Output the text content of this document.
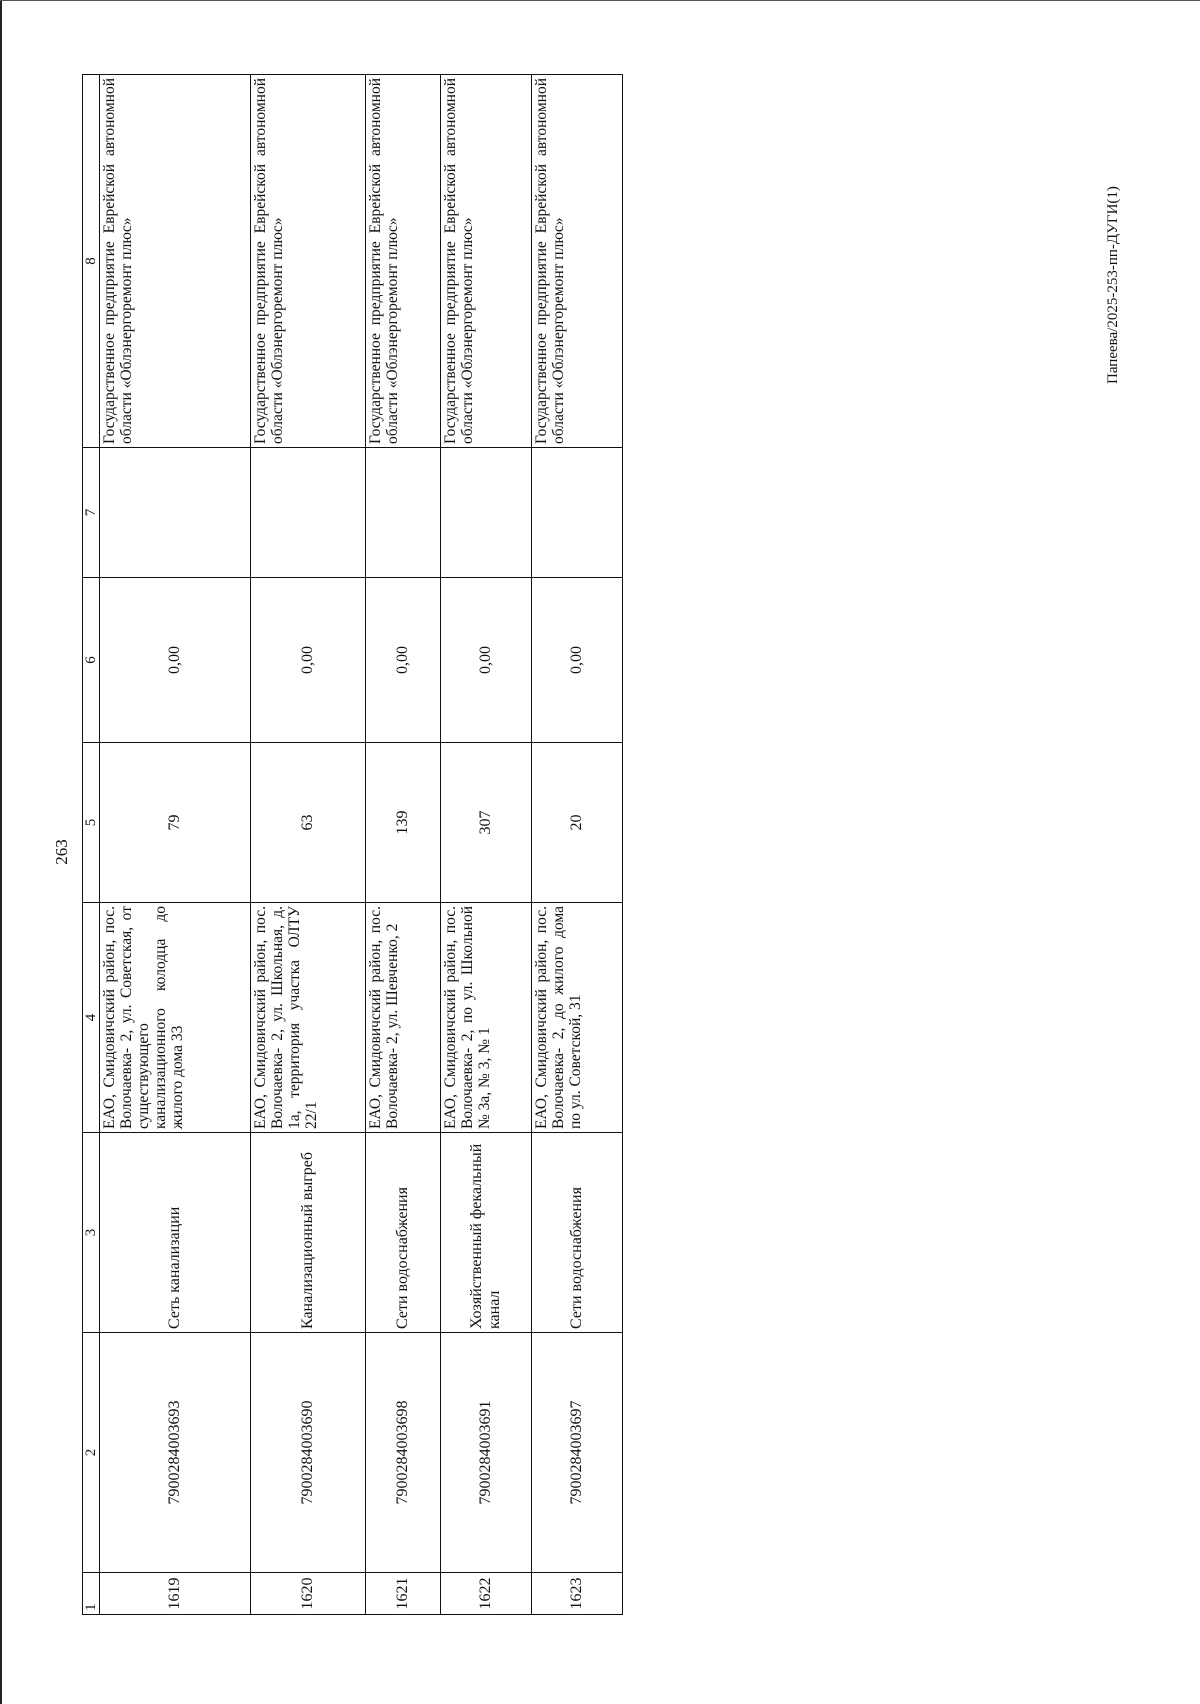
263
1	2	3	4	5	6	7	8
1619	7900284003693	Сеть канализации	ЕАО, Смидовичский район, пос. Волочаевка- 2, ул. Советская, от существующего канализационного колодца до жилого дома 33	79	0,00		Государственное предприятие Еврейской автономной области «Облэнергоремонт плюс»
1620	7900284003690	Канализационный выгреб	ЕАО, Смидовичский район, пос. Волочаевка- 2, ул. Школьная, д. 1а, территория участка ОЛТУ 22/1	63	0,00		Государственное предприятие Еврейской автономной области «Облэнергоремонт плюс»
1621	7900284003698	Сети водоснабжения	ЕАО, Смидовичский район, пос. Волочаевка- 2, ул. Шевченко, 2	139	0,00		Государственное предприятие Еврейской автономной области «Облэнергоремонт плюс»
1622	7900284003691	Хозяйственный фекальный канал	ЕАО, Смидовичский район, пос. Волочаевка- 2, по ул. Школьной № 3а, № 3, № 1	307	0,00		Государственное предприятие Еврейской автономной области «Облэнергоремонт плюс»
1623	7900284003697	Сети водоснабжения	ЕАО, Смидовичский район, пос. Волочаевка- 2, до жилого дома по ул. Советской, 31	20	0,00		Государственное предприятие Еврейской автономной области «Облэнергоремонт плюс»	Папеева/2025-253-пп-ДУГИ(1)
